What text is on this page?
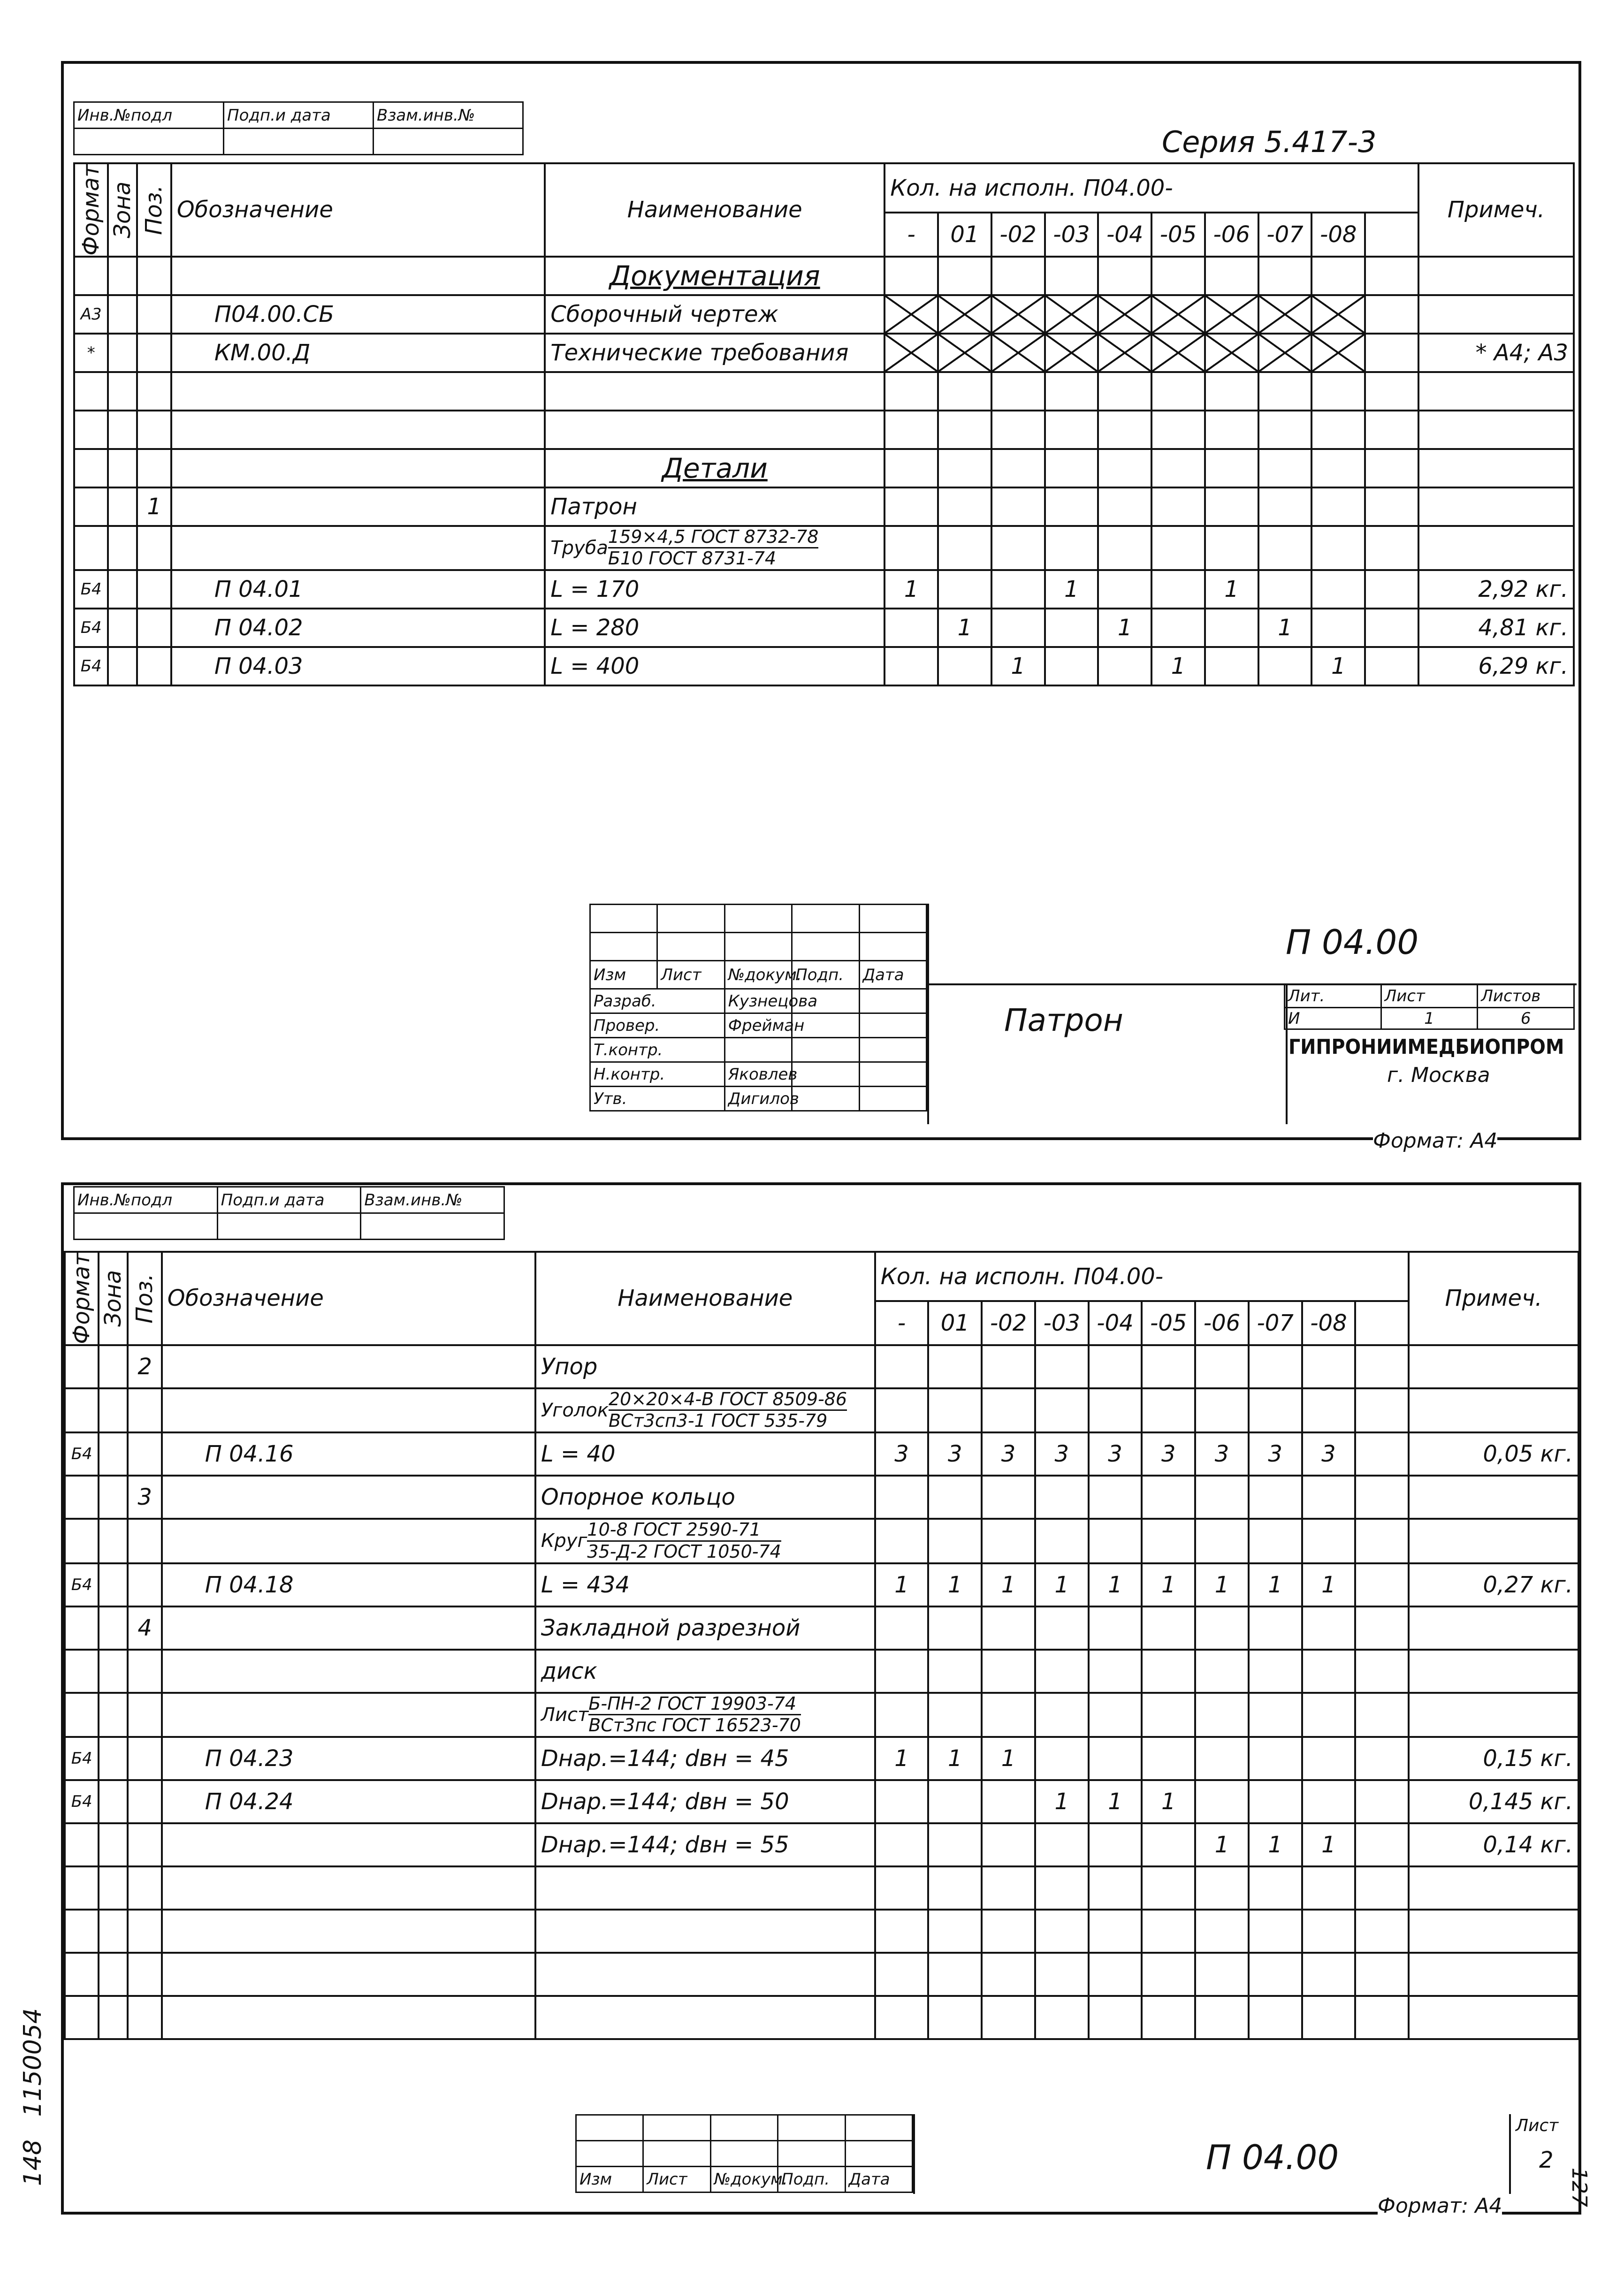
Инв.№подл	Подп.и дата	Взам.инв.№

Серия 5.417-3
Формат	Зона	Поз.	Обозначение	Наименование	Кол. на исполн. П04.00-										Примеч.
					-	01	-02	-03	-04	-05	-06	-07	-08		
				Документация											
А3			П04.00.СБ	Сборочный чертеж											
*			КМ.00.Д	Технические требования											* А4; А3

				Детали											
		1		Патрон											
				Труба $\frac{\text{159×4,5 ГОСТ 8732-78}}{\text{Б10 ГОСТ 8731-74}}$											
Б4			П 04.01	L = 170	1			1			1				2,92 кг.
Б4			П 04.02	L = 280		1			1			1			4,81 кг.
Б4			П 04.03	L = 400			1			1			1		6,29 кг.

Изм	Лист	№докум.	Подп.	Дата
Разраб.		Кузнецова		
Провер.		Фрейман		
Т.контр.				
Н.контр.		Яковлев		
Утв.		Дигилов		
П 04.00
Патрон
Лит.	Лист	Листов
И	1	6
ГИПРОНИИМЕДБИОПРОМ
г. Москва
Формат: А4
Инв.№подл	Подп.и дата	Взам.инв.№

Формат	Зона	Поз.	Обозначение	Наименование	Кол. на исполн. П04.00-										Примеч.
					-	01	-02	-03	-04	-05	-06	-07	-08		
		2		Упор											
				Уголок $\frac{\text{20×20×4-В ГОСТ 8509-86}}{\text{ВСт3сп3-1 ГОСТ 535-79}}$											
Б4			П 04.16	L = 40	3	3	3	3	3	3	3	3	3		0,05 кг.
		3		Опорное кольцо											
				Круг $\frac{\text{10-8 ГОСТ 2590-71}}{\text{35-Д-2 ГОСТ 1050-74}}$											
Б4			П 04.18	L = 434	1	1	1	1	1	1	1	1	1		0,27 кг.
		4		Закладной разрезной											
				диск											
				Лист $\frac{\text{Б-ПН-2 ГОСТ 19903-74}}{\text{ВСт3пс ГОСТ 16523-70}}$											
Б4			П 04.23	Dнар.=144; dвн = 45	1	1	1								0,15 кг.
Б4			П 04.24	Dнар.=144; dвн = 50				1	1	1					0,145 кг.
				Dнар.=144; dвн = 55							1	1	1		0,14 кг.

Изм	Лист	№докум.	Подп.	Дата
П 04.00
Лист
2
Формат: А4	127
1150054
148
